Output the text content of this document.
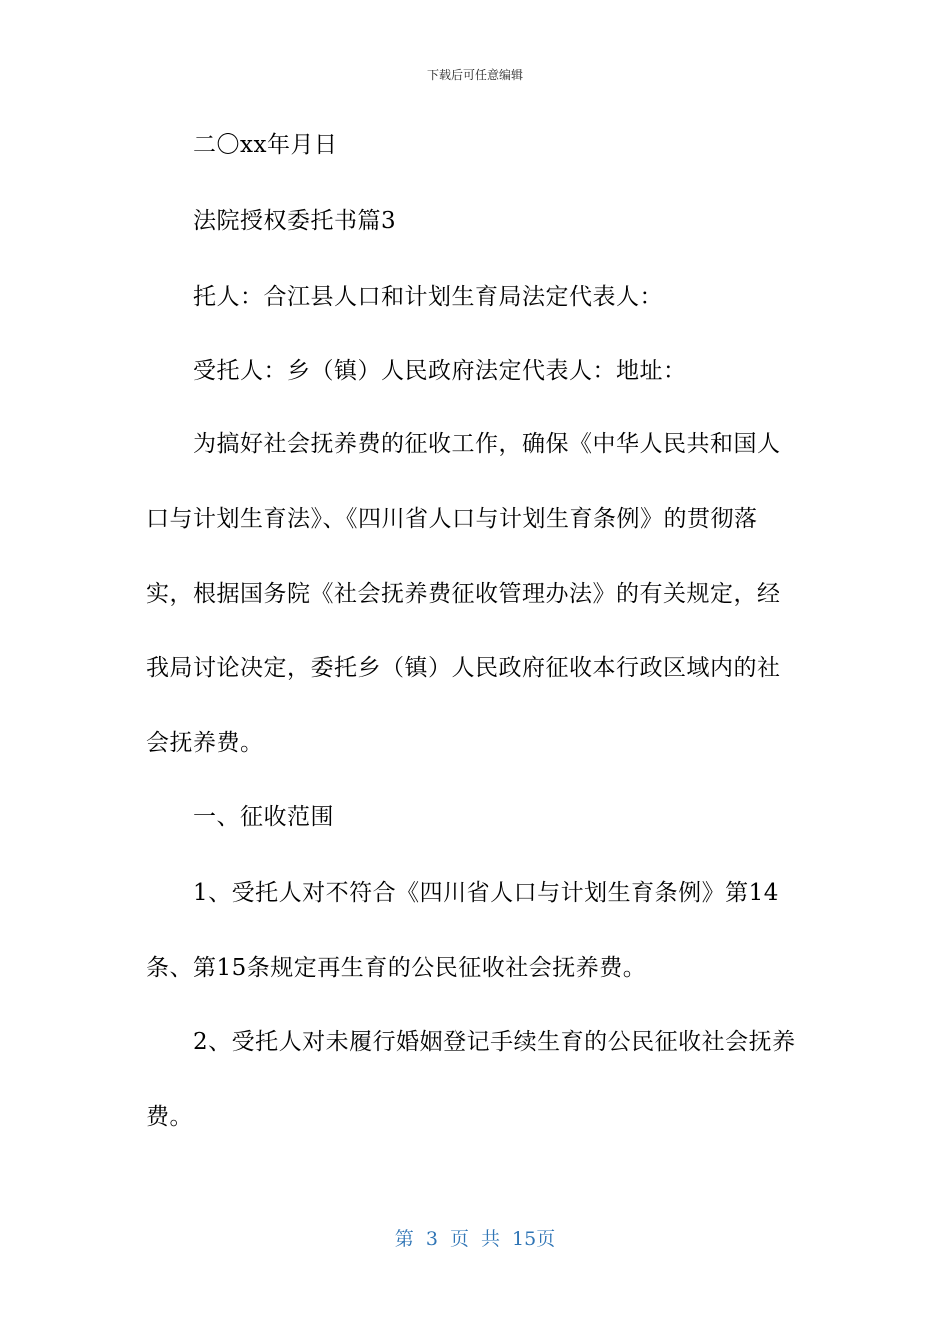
下载后可任意编辑
二〇xx年月日
法院授权委托书篇3
托人：合江县人口和计划生育局法定代表人：
受托人：乡（镇）人民政府法定代表人：地址：
为搞好社会抚养费的征收工作，确保《中华人民共和国人
口与计划生育法》、《四川省人口与计划生育条例》的贯彻落
实，根据国务院《社会抚养费征收管理办法》的有关规定，经
我局讨论决定，委托乡（镇）人民政府征收本行政区域内的社
会抚养费。
一、征收范围
1、受托人对不符合《四川省人口与计划生育条例》第14
条、第15条规定再生育的公民征收社会抚养费。
2、受托人对未履行婚姻登记手续生育的公民征收社会抚养
费。
第 3 页 共 15页
